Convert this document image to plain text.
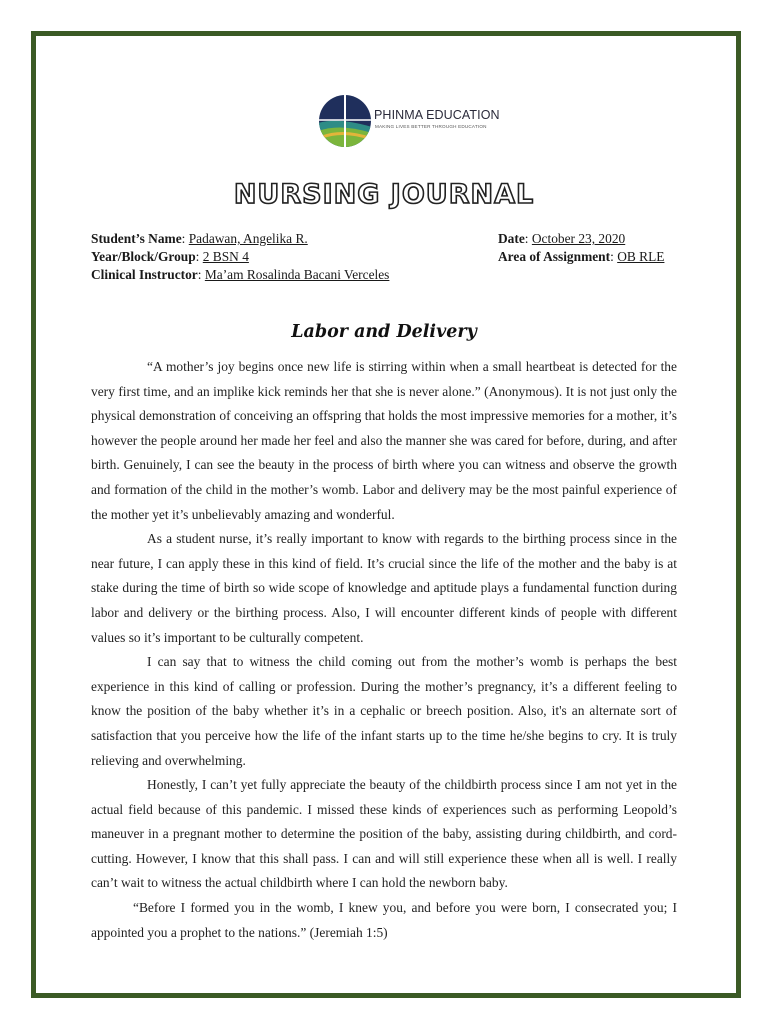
PHINMA EDUCATION
MAKING LIVES BETTER THROUGH EDUCATION
NURSING JOURNAL
Student’s Name: Padawan, Angelika R.	Date: October 23, 2020
Year/Block/Group: 2 BSN 4	Area of Assignment: OB RLE
Clinical Instructor: Ma’am Rosalinda Bacani Verceles
Labor and Delivery

“A mother’s joy begins once new life is stirring within when a small heartbeat is detected for the very first time, and an implike kick reminds her that she is never alone.” (Anonymous). It is not just only the physical demonstration of conceiving an offspring that holds the most impressive memories for a mother, it’s however the people around her made her feel and also the manner she was cared for before, during, and after birth. Genuinely, I can see the beauty in the process of birth where you can witness and observe the growth and formation of the child in the mother’s womb. Labor and delivery may be the most painful experience of the mother yet it’s unbelievably amazing and wonderful.

As a student nurse, it’s really important to know with regards to the birthing process since in the near future, I can apply these in this kind of field. It’s crucial since the life of the mother and the baby is at stake during the time of birth so wide scope of knowledge and aptitude plays a fundamental function during labor and delivery or the birthing process. Also, I will encounter different kinds of people with different values so it’s important to be culturally competent.

I can say that to witness the child coming out from the mother’s womb is perhaps the best experience in this kind of calling or profession. During the mother’s pregnancy, it’s a different feeling to know the position of the baby whether it’s in a cephalic or breech position. Also, it's an alternate sort of satisfaction that you perceive how the life of the infant starts up to the time he/she begins to cry. It is truly relieving and overwhelming.

Honestly, I can’t yet fully appreciate the beauty of the childbirth process since I am not yet in the actual field because of this pandemic. I missed these kinds of experiences such as performing Leopold’s maneuver in a pregnant mother to determine the position of the baby, assisting during childbirth, and cord-cutting. However, I know that this shall pass. I can and will still experience these when all is well. I really can’t wait to witness the actual childbirth where I can hold the newborn baby.

“Before I formed you in the womb, I knew you, and before you were born, I consecrated you; I appointed you a prophet to the nations.” (Jeremiah 1:5)
